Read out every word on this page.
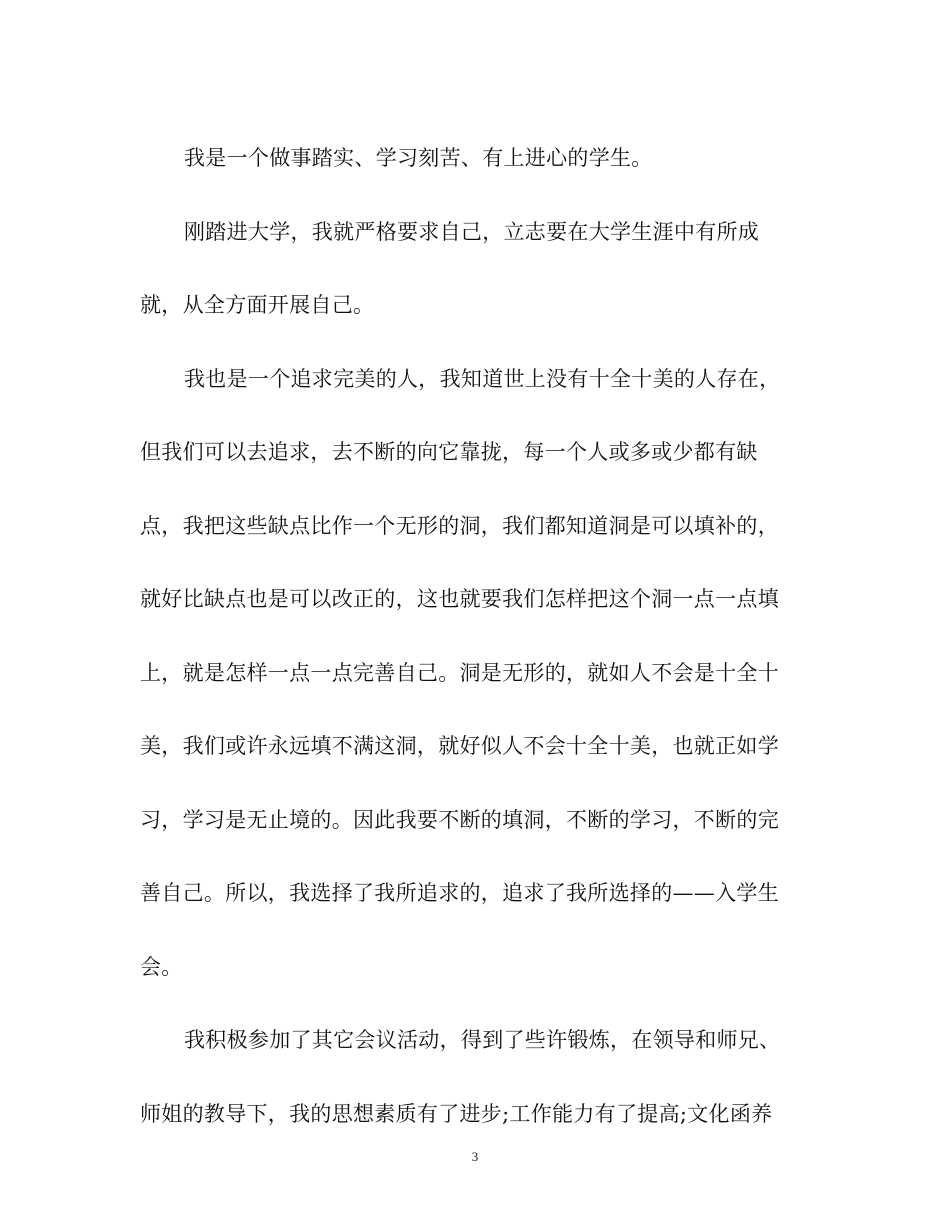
我是一个做事踏实、学习刻苦、有上进心的学生。
刚踏进大学，我就严格要求自己，立志要在大学生涯中有所成
就，从全方面开展自己。
我也是一个追求完美的人，我知道世上没有十全十美的人存在，
但我们可以去追求，去不断的向它靠拢，每一个人或多或少都有缺
点，我把这些缺点比作一个无形的洞，我们都知道洞是可以填补的，
就好比缺点也是可以改正的，这也就要我们怎样把这个洞一点一点填
上，就是怎样一点一点完善自己。洞是无形的，就如人不会是十全十
美，我们或许永远填不满这洞，就好似人不会十全十美，也就正如学
习，学习是无止境的。因此我要不断的填洞，不断的学习，不断的完
善自己。所以，我选择了我所追求的，追求了我所选择的——入学生
会。
我积极参加了其它会议活动，得到了些许锻炼，在领导和师兄、
师姐的教导下，我的思想素质有了进步;工作能力有了提高;文化函养
3
